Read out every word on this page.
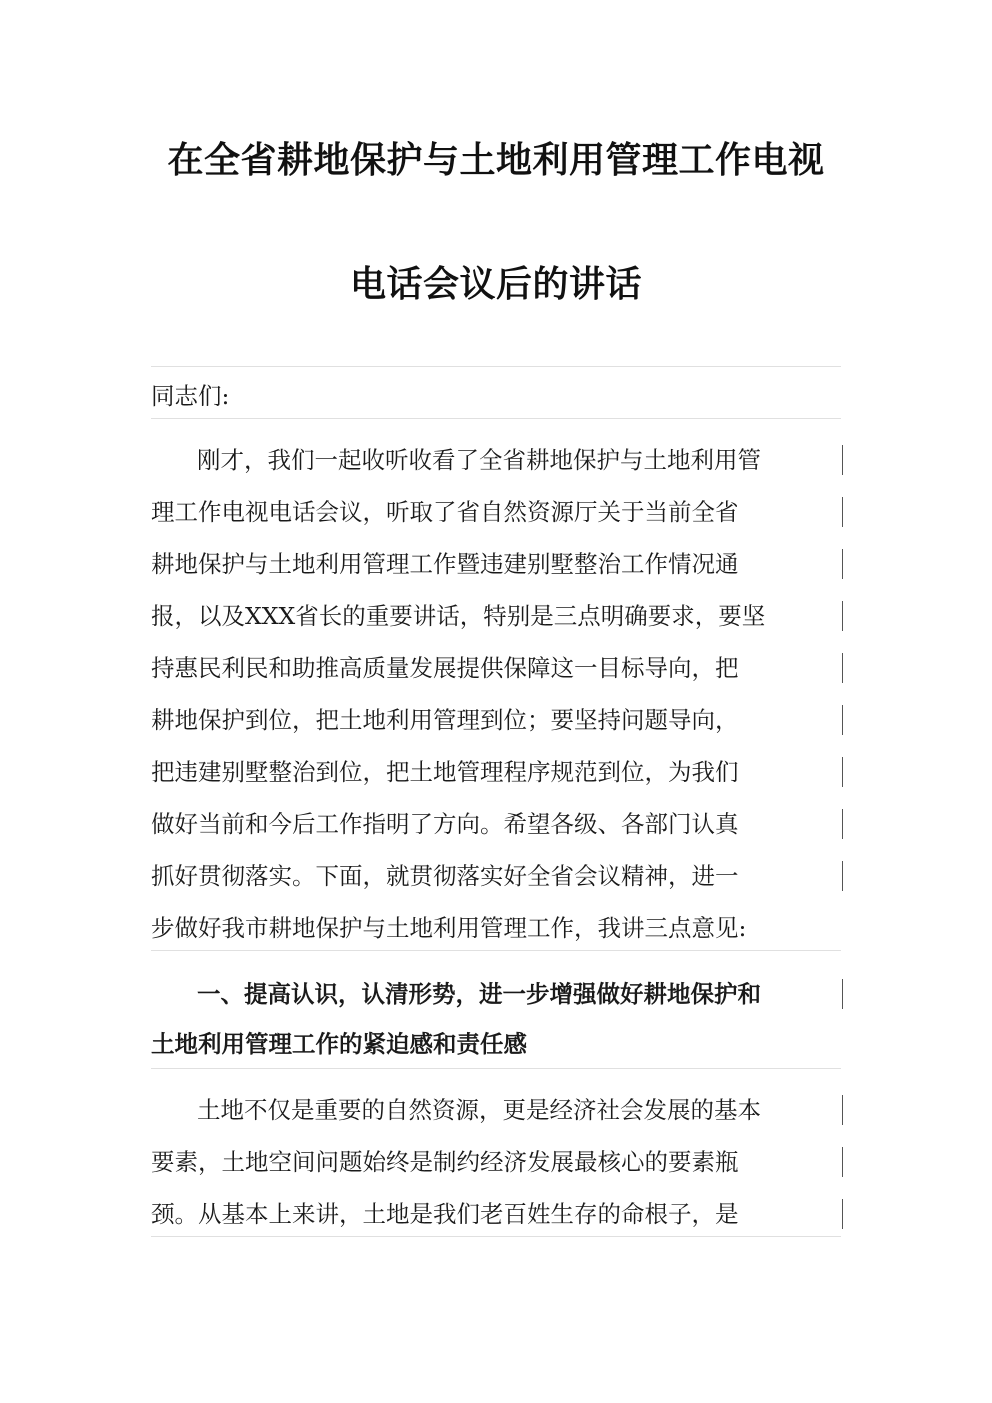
在全省耕地保护与土地利用管理工作电视
电话会议后的讲话
同志们:
刚才，我们一起收听收看了全省耕地保护与土地利用管
理工作电视电话会议，听取了省自然资源厅关于当前全省
耕地保护与土地利用管理工作暨违建别墅整治工作情况通
报，以及XXX省长的重要讲话，特别是三点明确要求，要坚
持惠民利民和助推高质量发展提供保障这一目标导向，把
耕地保护到位，把土地利用管理到位；要坚持问题导向，
把违建别墅整治到位，把土地管理程序规范到位，为我们
做好当前和今后工作指明了方向。希望各级、各部门认真
抓好贯彻落实。下面，就贯彻落实好全省会议精神，进一
步做好我市耕地保护与土地利用管理工作，我讲三点意见:
一、提高认识，认清形势，进一步增强做好耕地保护和
土地利用管理工作的紧迫感和责任感
土地不仅是重要的自然资源，更是经济社会发展的基本
要素，土地空间问题始终是制约经济发展最核心的要素瓶
颈。从基本上来讲，土地是我们老百姓生存的命根子，是
